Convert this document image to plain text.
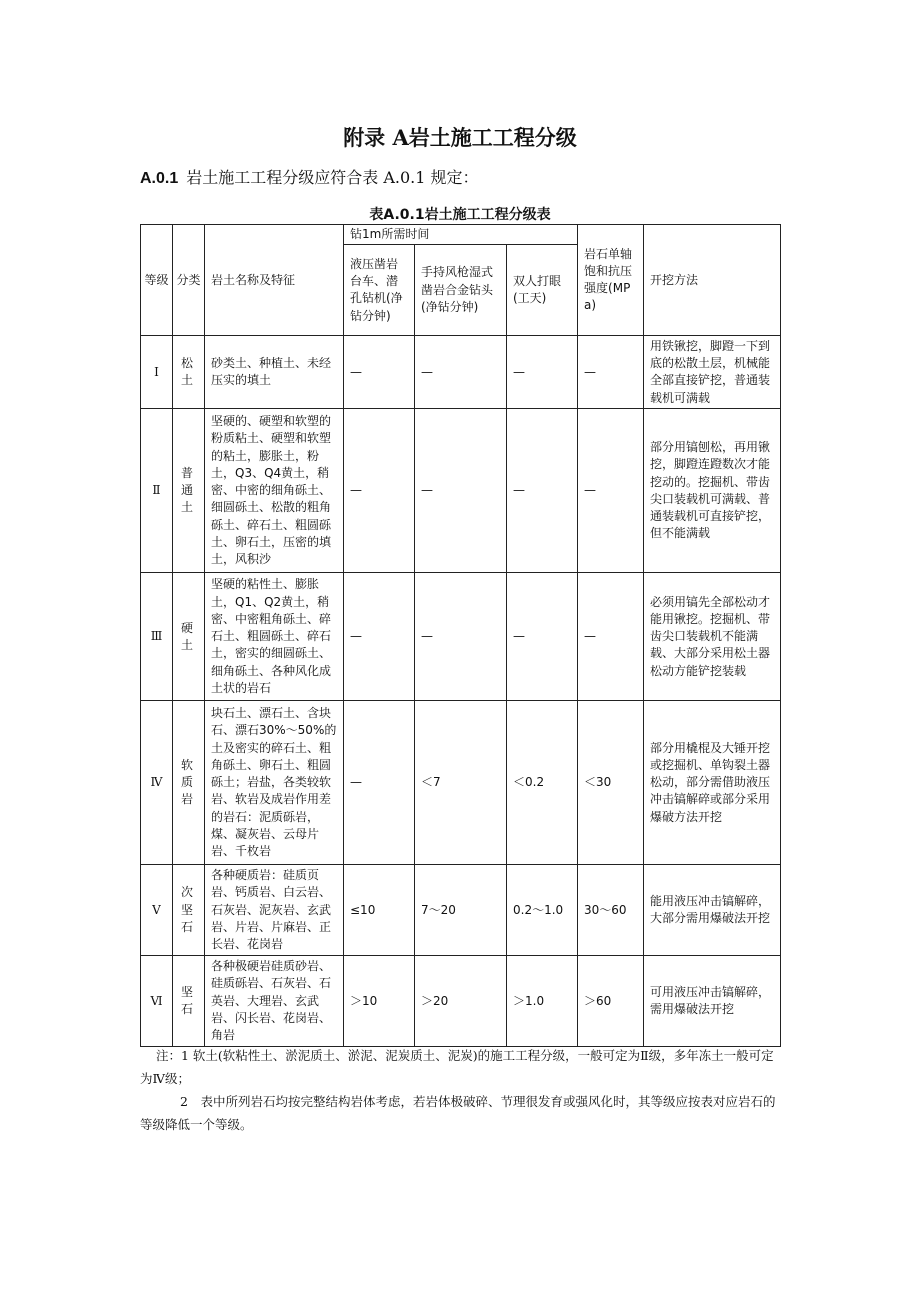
附录 A岩土施工工程分级
A.0.1 岩土施工工程分级应符合表 A.0.1 规定：
表A.0.1岩土施工工程分级表
等级	分类	岩土名称及特征	钻1m所需时间			岩石单轴饱和抗压强度(MPa)	开挖方法
			液压凿岩台车、潜孔钻机(净钻分钟)	手持风枪湿式凿岩合金钻头(净钻分钟)	双人打眼(工天)		
Ⅰ	松土	砂类土、种植土、未经压实的填土	—	—	—	—	用铁锹挖，脚蹬一下到底的松散土层，机械能全部直接铲挖，普通装载机可满载
Ⅱ	普通土	坚硬的、硬塑和软塑的粉质粘土、硬塑和软塑的粘土，膨胀土，粉土，Q3、Q4黄土，稍密、中密的细角砾土、细圆砾土、松散的粗角砾土、碎石土、粗圆砾土、卵石土，压密的填土，风积沙	—	—	—	—	部分用镐刨松，再用锹挖，脚蹬连蹬数次才能挖动的。挖掘机、带齿尖口装载机可满载、普通装载机可直接铲挖，但不能满载
Ⅲ	硬土	坚硬的粘性土、膨胀土，Q1、Q2黄土，稍密、中密粗角砾土、碎石土、粗圆砾土、碎石土，密实的细圆砾土、细角砾土、各种风化成土状的岩石	—	—	—	—	必须用镐先全部松动才能用锹挖。挖掘机、带齿尖口装载机不能满载、大部分采用松土器松动方能铲挖装载
Ⅳ	软质岩	块石土、漂石土、含块石、漂石30%～50%的土及密实的碎石土、粗角砾土、卵石土、粗圆砾土；岩盐，各类较软岩、软岩及成岩作用差的岩石：泥质砾岩，煤、凝灰岩、云母片岩、千枚岩	—	＜7	＜0.2	＜30	部分用橇棍及大锤开挖或挖掘机、单钩裂土器松动，部分需借助液压冲击镐解碎或部分采用爆破方法开挖
Ⅴ	次坚石	各种硬质岩：硅质页岩、钙质岩、白云岩、石灰岩、泥灰岩、玄武岩、片岩、片麻岩、正长岩、花岗岩	≤10	7～20	0.2～1.0	30～60	能用液压冲击镐解碎，大部分需用爆破法开挖
Ⅵ	坚石	各种极硬岩硅质砂岩、硅质砾岩、石灰岩、石英岩、大理岩、玄武岩、闪长岩、花岗岩、角岩	＞10	＞20	＞1.0	＞60	可用液压冲击镐解碎，需用爆破法开挖

注：1 软土(软粘性土、淤泥质土、淤泥、泥炭质土、泥炭)的施工工程分级，一般可定为Ⅱ级，多年冻土一般可定为Ⅳ级；

2　表中所列岩石均按完整结构岩体考虑，若岩体极破碎、节理很发育或强风化时，其等级应按表对应岩石的等级降低一个等级。
